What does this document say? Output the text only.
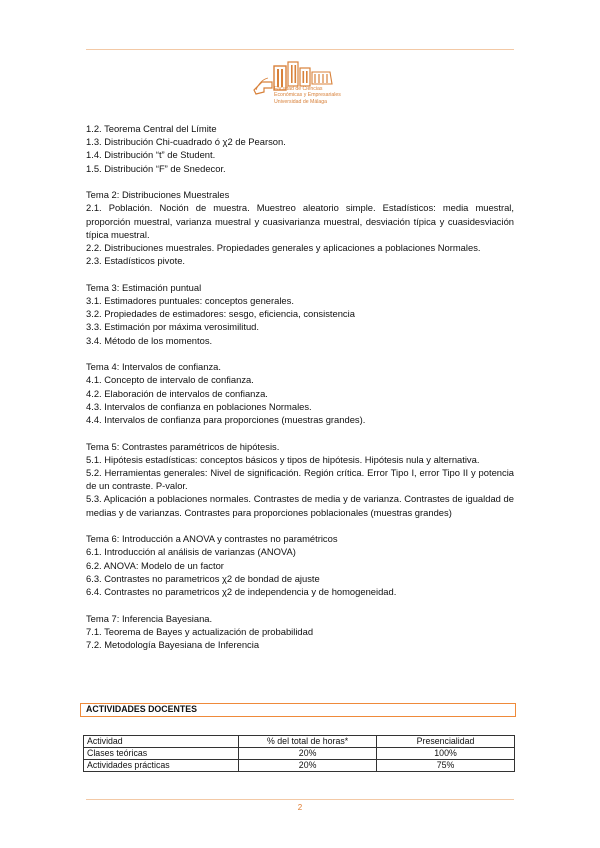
Facultad de Ciencias
Económicas y Empresariales
Universidad de Málaga

1.2. Teorema Central del Límite

1.3. Distribución Chi-cuadrado ó χ2 de Pearson.

1.4. Distribución “t” de Student.

1.5. Distribución “F” de Snedecor.

Tema 2: Distribuciones Muestrales

2.1. Población. Noción de muestra. Muestreo aleatorio simple. Estadísticos: media muestral, proporción muestral, varianza muestral y cuasivarianza muestral, desviación típica y cuasidesviación típica muestral.

2.2. Distribuciones muestrales. Propiedades generales y aplicaciones a poblaciones Normales.

2.3. Estadísticos pivote.

Tema 3: Estimación puntual

3.1. Estimadores puntuales: conceptos generales.

3.2. Propiedades de estimadores: sesgo, eficiencia, consistencia

3.3. Estimación por máxima verosimilitud.

3.4. Método de los momentos.

Tema 4: Intervalos de confianza.

4.1. Concepto de intervalo de confianza.

4.2. Elaboración de intervalos de confianza.

4.3. Intervalos de confianza en poblaciones Normales.

4.4. Intervalos de confianza para proporciones (muestras grandes).

Tema 5: Contrastes paramétricos de hipótesis.

5.1. Hipótesis estadísticas: conceptos básicos y tipos de hipótesis. Hipótesis nula y alternativa.

5.2. Herramientas generales: Nivel de significación. Región crítica. Error Tipo I, error Tipo II y potencia de un contraste. P-valor.

5.3. Aplicación a poblaciones normales. Contrastes de media y de varianza. Contrastes de igualdad de medias y de varianzas. Contrastes para proporciones poblacionales (muestras grandes)

Tema 6: Introducción a ANOVA y contrastes no paramétricos

6.1. Introducción al análisis de varianzas (ANOVA)

6.2. ANOVA: Modelo de un factor

6.3. Contrastes no parametricos χ2 de bondad de ajuste

6.4. Contrastes no parametricos χ2 de independencia y de homogeneidad.

Tema 7: Inferencia Bayesiana.

7.1. Teorema de Bayes y actualización de probabilidad

7.2. Metodología Bayesiana de Inferencia

ACTIVIDADES DOCENTES
Actividad	% del total de horas*	Presencialidad
Clases teóricas	20%	100%
Actividades prácticas	20%	75%
2
